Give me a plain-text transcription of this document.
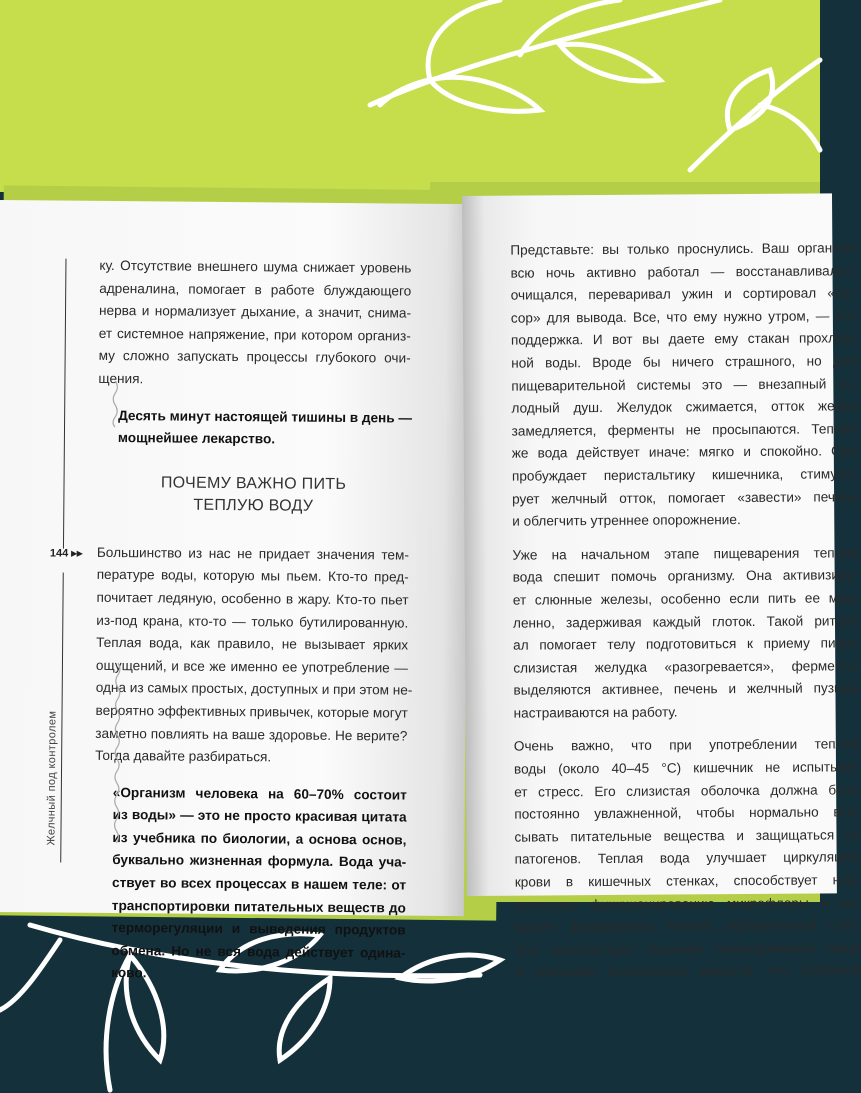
144 ▸▸
Желчный под контролем
ку. Отсутствие внешнего шума снижает уровень
адреналина, помогает в работе блуждающего
нерва и нормализует дыхание, а значит, снима-
ет системное напряжение, при котором организ-
му сложно запускать процессы глубокого очи-
щения.
Десять минут настоящей тишины в день —
мощнейшее лекарство.
ПОЧЕМУ ВАЖНО ПИТЬ
ТЕПЛУЮ ВОДУ
Большинство из нас не придает значения тем-
пературе воды, которую мы пьем. Кто-то пред-
почитает ледяную, особенно в жару. Кто-то пьет
из-под крана, кто-то — только бутилированную.
Теплая вода, как правило, не вызывает ярких
ощущений, и все же именно ее употребление —
одна из самых простых, доступных и при этом не-
вероятно эффективных привычек, которые могут
заметно повлиять на ваше здоровье. Не верите?
Тогда давайте разбираться.
«Организм человека на 60–70% состоит
из воды» — это не просто красивая цитата
из учебника по биологии, а основа основ,
буквально жизненная формула. Вода уча-
ствует во всех процессах в нашем теле: от
транспортировки питательных веществ до
терморегуляции и выведения продуктов
обмена. Но не вся вода действует одина-
ково.
Представьте: вы только проснулись. Ваш организм
всю ночь активно работал — восстанавливался,
очищался, переваривал ужин и сортировал «му-
сор» для вывода. Все, что ему нужно утром, — это
поддержка. И вот вы даете ему стакан прохлад-
ной воды. Вроде бы ничего страшного, но для
пищеварительной системы это — внезапный хо-
лодный душ. Желудок сжимается, отток желчи
замедляется, ферменты не просыпаются. Теплая
же вода действует иначе: мягко и спокойно. Она
пробуждает перистальтику кишечника, стимули-
рует желчный отток, помогает «завести» печень
и облегчить утреннее опорожнение.
Уже на начальном этапе пищеварения теплая
вода спешит помочь организму. Она активизиру-
ет слюнные железы, особенно если пить ее мед-
ленно, задерживая каждый глоток. Такой ритуал
ал помогает телу подготовиться к приему пищи:
слизистая желудка «разогревается», ферменты
выделяются активнее, печень и желчный пузырь
настраиваются на работу.
Очень важно, что при употреблении теплой
воды (около 40–45 °C) кишечник не испытыва-
ет стресс. Его слизистая оболочка должна быть
постоянно увлажненной, чтобы нормально вса-
сывать питательные вещества и защищаться от
патогенов. Теплая вода улучшает циркуляцию
крови в кишечных стенках, способствует нор-
мальному функционированию микрофлоры и по-
могает формировать мягкий, оформленный стул.
Это способствует лучшему перевариванию пищи
и усвоению питательных веществ, что особенно
